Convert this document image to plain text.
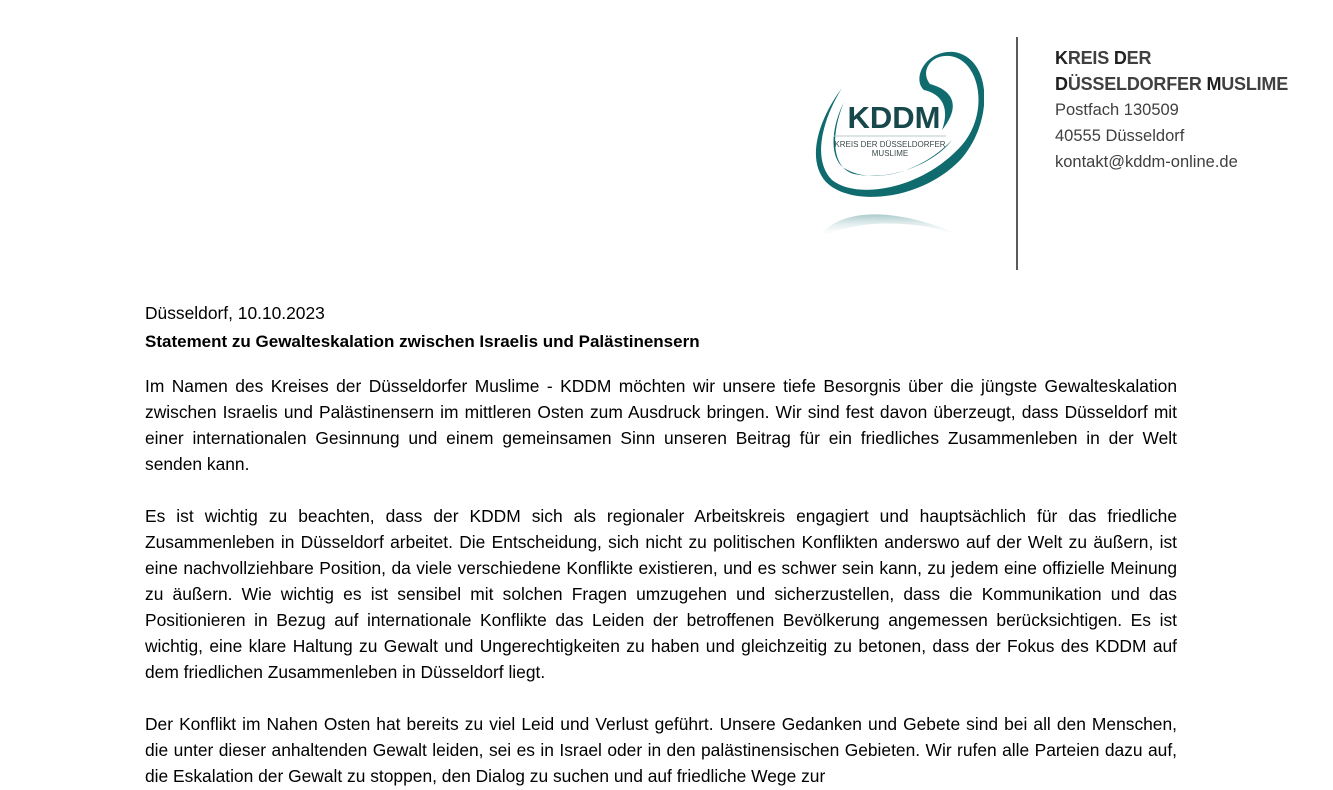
KDDM
KREIS DER DÜSSELDORFER
MUSLIME
KREIS DER
DÜSSELDORFER MUSLIME
Postfach 130509
40555 Düsseldorf
kontakt@kddm-online.de

Düsseldorf, 10.10.2023

Statement zu Gewalteskalation zwischen Israelis und Palästinensern

Im Namen des Kreises der Düsseldorfer Muslime - KDDM möchten wir unsere tiefe Besorgnis über die jüngste Gewalteskalation zwischen Israelis und Palästinensern im mittleren Osten zum Ausdruck bringen. Wir sind fest davon überzeugt, dass Düsseldorf mit einer internationalen Gesinnung und einem gemeinsamen Sinn unseren Beitrag für ein friedliches Zusammenleben in der Welt senden kann.

Es ist wichtig zu beachten, dass der KDDM sich als regionaler Arbeitskreis engagiert und hauptsächlich für das friedliche Zusammenleben in Düsseldorf arbeitet. Die Entscheidung, sich nicht zu politischen Konflikten anderswo auf der Welt zu äußern, ist eine nachvollziehbare Position, da viele verschiedene Konflikte existieren, und es schwer sein kann, zu jedem eine offizielle Meinung zu äußern. Wie wichtig es ist sensibel mit solchen Fragen umzugehen und sicherzustellen, dass die Kommunikation und das Positionieren in Bezug auf internationale Konflikte das Leiden der betroffenen Bevölkerung angemessen berücksichtigen. Es ist wichtig, eine klare Haltung zu Gewalt und Ungerechtigkeiten zu haben und gleichzeitig zu betonen, dass der Fokus des KDDM auf dem friedlichen Zusammenleben in Düsseldorf liegt.

Der Konflikt im Nahen Osten hat bereits zu viel Leid und Verlust geführt. Unsere Gedanken und Gebete sind bei all den Menschen, die unter dieser anhaltenden Gewalt leiden, sei es in Israel oder in den palästinensischen Gebieten. Wir rufen alle Parteien dazu auf, die Eskalation der Gewalt zu stoppen, den Dialog zu suchen und auf friedliche Wege zur
